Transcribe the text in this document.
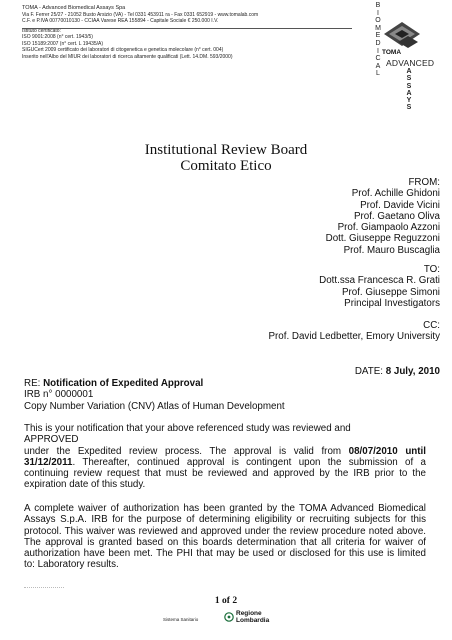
TOMA - Advanced Biomedical Assays Spa
Via F. Ferrer 25/27 - 21052 Busto Arsizio (VA) - Tel 0331 453911 ra - Fax 0331 652919 - www.tomalab.com
C.F. e P.IVA 00770010130 - CCIAA Varese REA 155894 - Capitale Sociale € 250.000 I.V.
Istituto certificato:
ISO 9001:2008 (n° cert. 1943/5)
ISO 15189:2007 (n° cert. L 19435/A)
SIGUCert 2009 certificato dei laboratori di citogenetica e genetica molecolare (n° cert. 004)
Inserito nell'Albo del MIUR dei laboratori di ricerca altamente qualificati (Lett. 14.DM. 593/2000)
B
I
O
M
E
D
I
C
A
L
TOMA
ADVANCED
A
S
S
A
Y
S
Institutional Review Board
Comitato Etico
FROM:
Prof. Achille Ghidoni
Prof. Davide Vicini
Prof. Gaetano Oliva
Prof. Giampaolo Azzoni
Dott. Giuseppe Reguzzoni
Prof. Mauro Buscaglia
TO:
Dott.ssa Francesca R. Grati
Prof. Giuseppe Simoni
Principal Investigators
CC:
Prof. David Ledbetter, Emory University
DATE: 8 July, 2010
RE: Notification of Expedited Approval
IRB n° 0000001
Copy Number Variation (CNV) Atlas of Human Development
This is your notification that your above referenced study was reviewed and
APPROVED
under the Expedited review process. The approval is valid from 08/07/2010 until 31/12/2011. Thereafter, continued approval is contingent upon the submission of a continuing review request that must be reviewed and approved by the IRB prior to the expiration date of this study.
A complete waiver of authorization has been granted by the TOMA Advanced Biomedical Assays S.p.A. IRB for the purpose of determining eligibility or recruiting subjects for this protocol. This waiver was reviewed and approved under the review procedure noted above. The approval is granted based on this boards determination that all criteria for waiver of authorization have been met. The PHI that may be used or disclosed for this use is limited to: Laboratory results.
1 of 2
Sistema Sanitario
Regione
Lombardia
